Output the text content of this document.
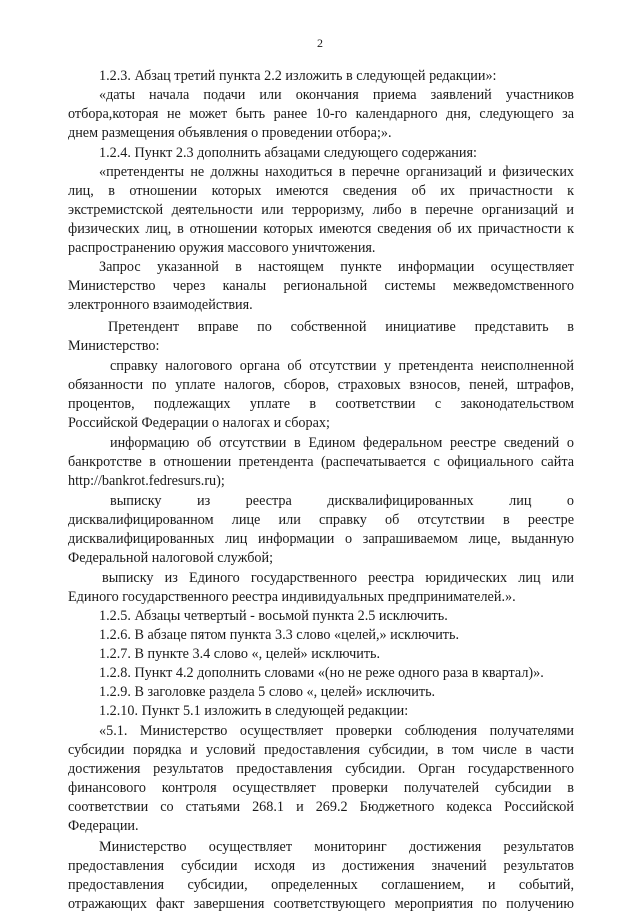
2
1.2.3. Абзац третий пункта 2.2 изложить в следующей редакции»:
«даты начала подачи или окончания приема заявлений участников
отбора,которая не может быть ранее 10-го календарного дня, следующего за
днем размещения объявления о проведении отбора;».
1.2.4. Пункт 2.3 дополнить абзацами следующего содержания:
«претенденты не должны находиться в перечне организаций и физических
лиц, в отношении которых имеются сведения об их причастности к
экстремистской деятельности или терроризму, либо в перечне организаций и
физических лиц, в отношении которых имеются сведения об их причастности к
распространению оружия массового уничтожения.
Запрос указанной в настоящем пункте информации осуществляет
Министерство через каналы региональной системы межведомственного
электронного взаимодействия.
Претендент вправе по собственной инициативе представить в
Министерство:
справку налогового органа об отсутствии у претендента неисполненной
обязанности по уплате налогов, сборов, страховых взносов, пеней, штрафов,
процентов, подлежащих уплате в соответствии с законодательством
Российской Федерации о налогах и сборах;
информацию об отсутствии в Едином федеральном реестре сведений о
банкротстве в отношении претендента (распечатывается с официального сайта
http://bankrot.fedresurs.ru);
выписку из реестра дисквалифицированных лиц о
дисквалифицированном лице или справку об отсутствии в реестре
дисквалифицированных лиц информации о запрашиваемом лице, выданную
Федеральной налоговой службой;
выписку из Единого государственного реестра юридических лиц или
Единого государственного реестра индивидуальных предпринимателей.».
1.2.5. Абзацы четвертый - восьмой пункта 2.5 исключить.
1.2.6. В абзаце пятом пункта 3.3 слово «целей,» исключить.
1.2.7. В пункте 3.4 слово «, целей» исключить.
1.2.8. Пункт 4.2 дополнить словами «(но не реже одного раза в квартал)».
1.2.9. В заголовке раздела 5 слово «, целей» исключить.
1.2.10. Пункт 5.1 изложить в следующей редакции:
«5.1. Министерство осуществляет проверки соблюдения получателями
субсидии порядка и условий предоставления субсидии, в том числе в части
достижения результатов предоставления субсидии. Орган государственного
финансового контроля осуществляет проверки получателей субсидии в
соответствии со статьями 268.1 и 269.2 Бюджетного кодекса Российской
Федерации.
Министерство осуществляет мониторинг достижения результатов
предоставления субсидии исходя из достижения значений результатов
предоставления субсидии, определенных соглашением, и событий,
отражающих факт завершения соответствующего мероприятия по получению
